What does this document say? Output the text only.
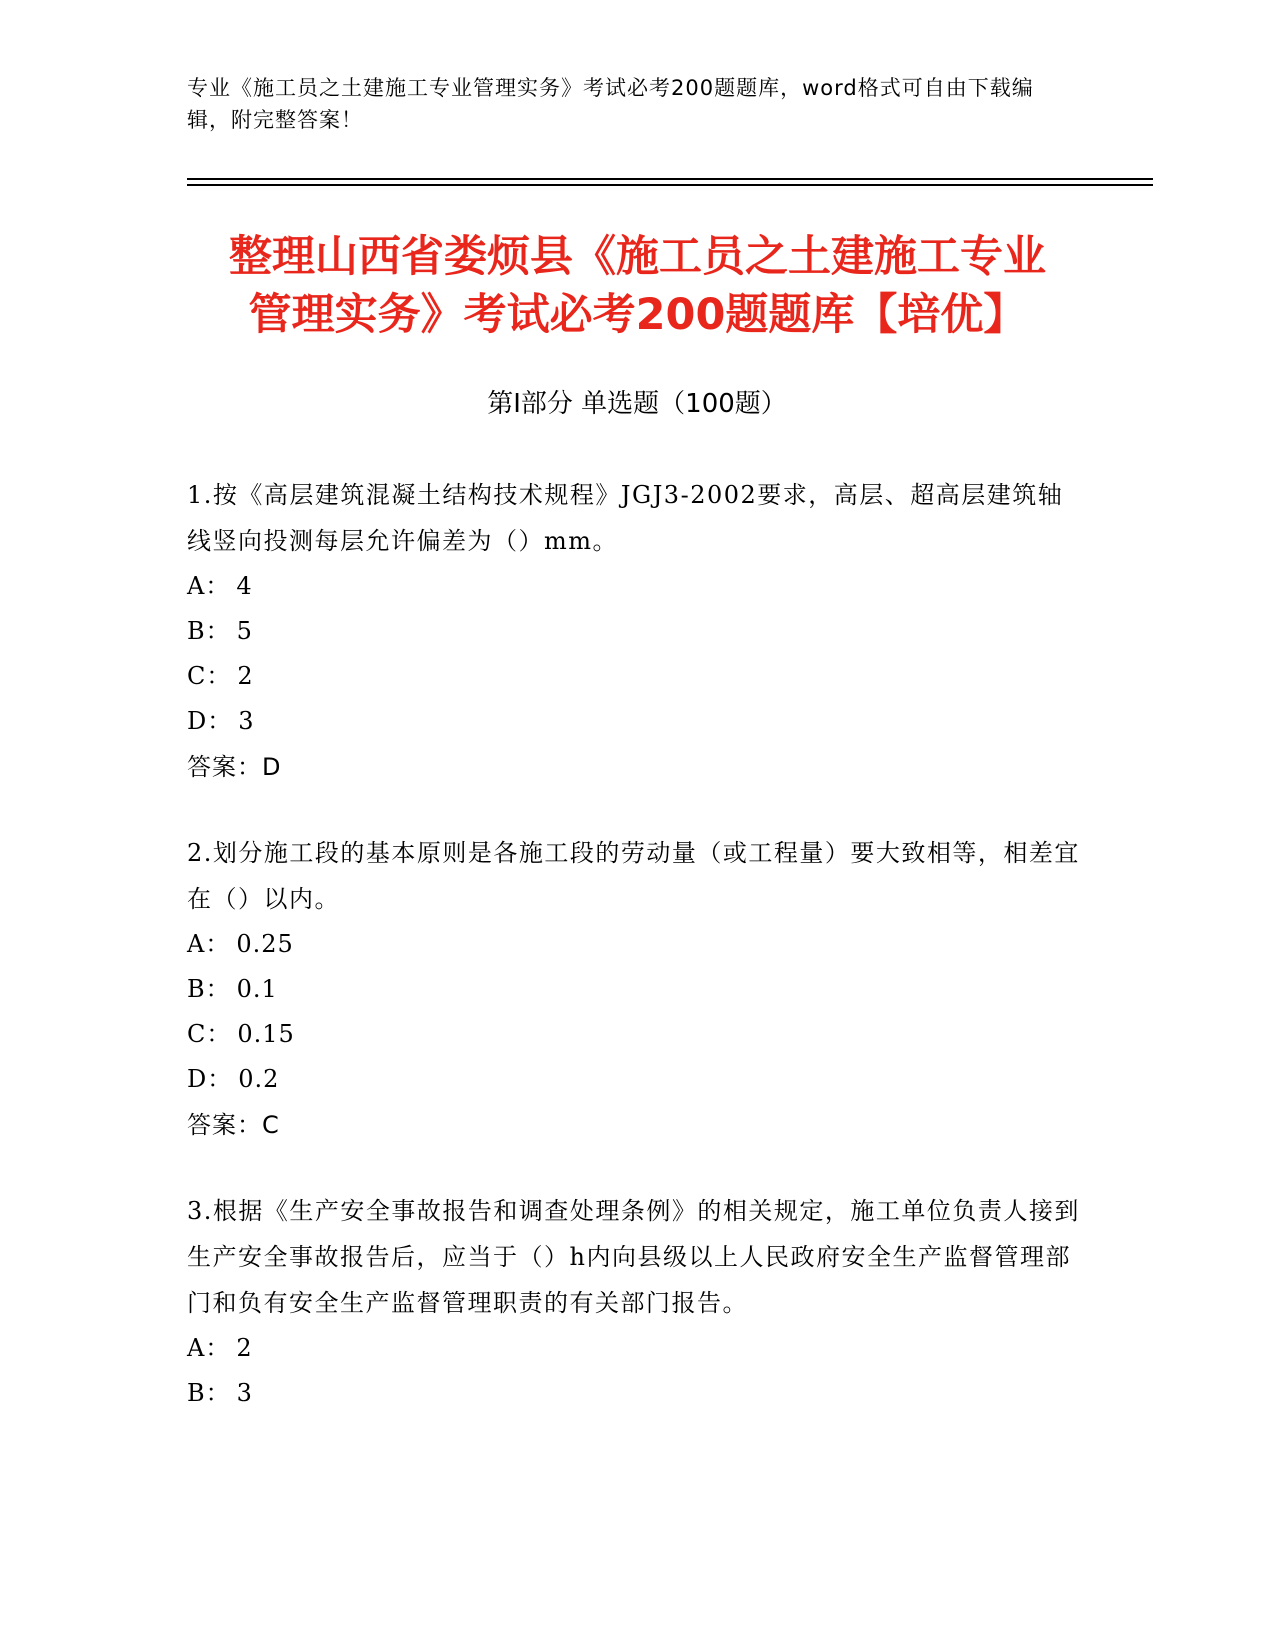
专业《施工员之土建施工专业管理实务》考试必考200题题库，word格式可自由下载编辑，附完整答案！

整理山西省娄烦县《施工员之土建施工专业
管理实务》考试必考200题题库【培优】
第Ⅰ部分 单选题（100题）

1.按《高层建筑混凝土结构技术规程》JGJ3-2002要求，高层、超高层建筑轴线竖向投测每层允许偏差为（）mm。

A： 4

B： 5

C： 2

D： 3

答案：D

2.划分施工段的基本原则是各施工段的劳动量（或工程量）要大致相等，相差宜在（）以内。

A： 0.25

B： 0.1

C： 0.15

D： 0.2

答案：C

3.根据《生产安全事故报告和调查处理条例》的相关规定，施工单位负责人接到生产安全事故报告后，应当于（）h内向县级以上人民政府安全生产监督管理部门和负有安全生产监督管理职责的有关部门报告。

A： 2

B： 3
